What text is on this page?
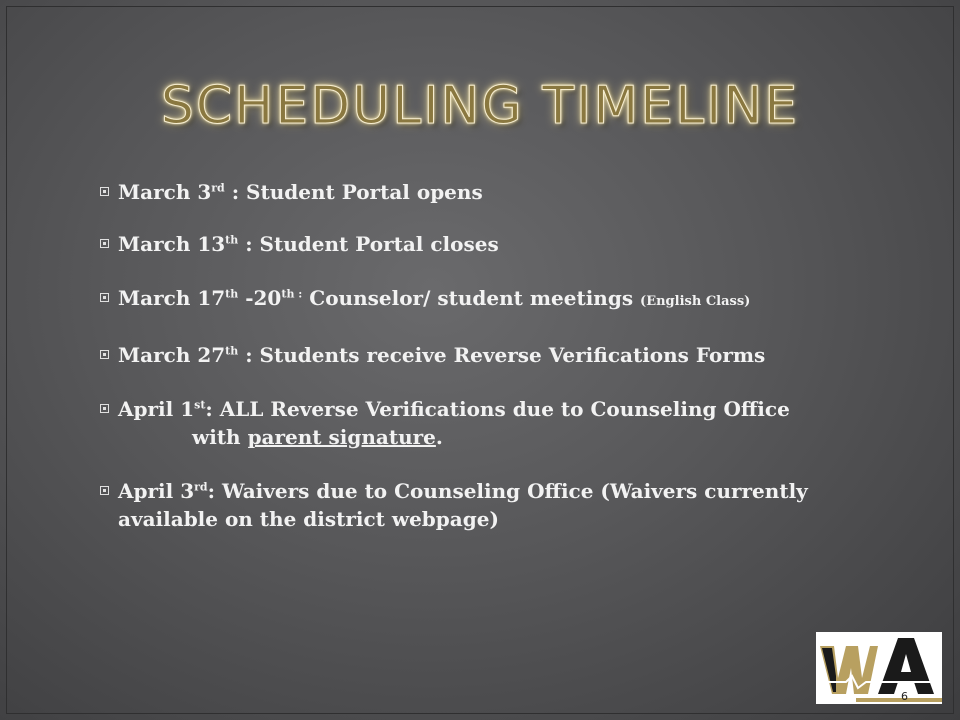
SCHEDULING TIMELINE
March 3rd : Student Portal opens
March 13th : Student Portal closes
March 17th $-20^{th :}$ Counselor/ student meetings (English Class)
March 27th : Students receive Reverse Verifications Forms
April 1st: ALL Reverse Verifications due to Counseling Office
with parent signature.
April 3rd: Waivers due to Counseling Office (Waivers currently available on the district webpage)
6
